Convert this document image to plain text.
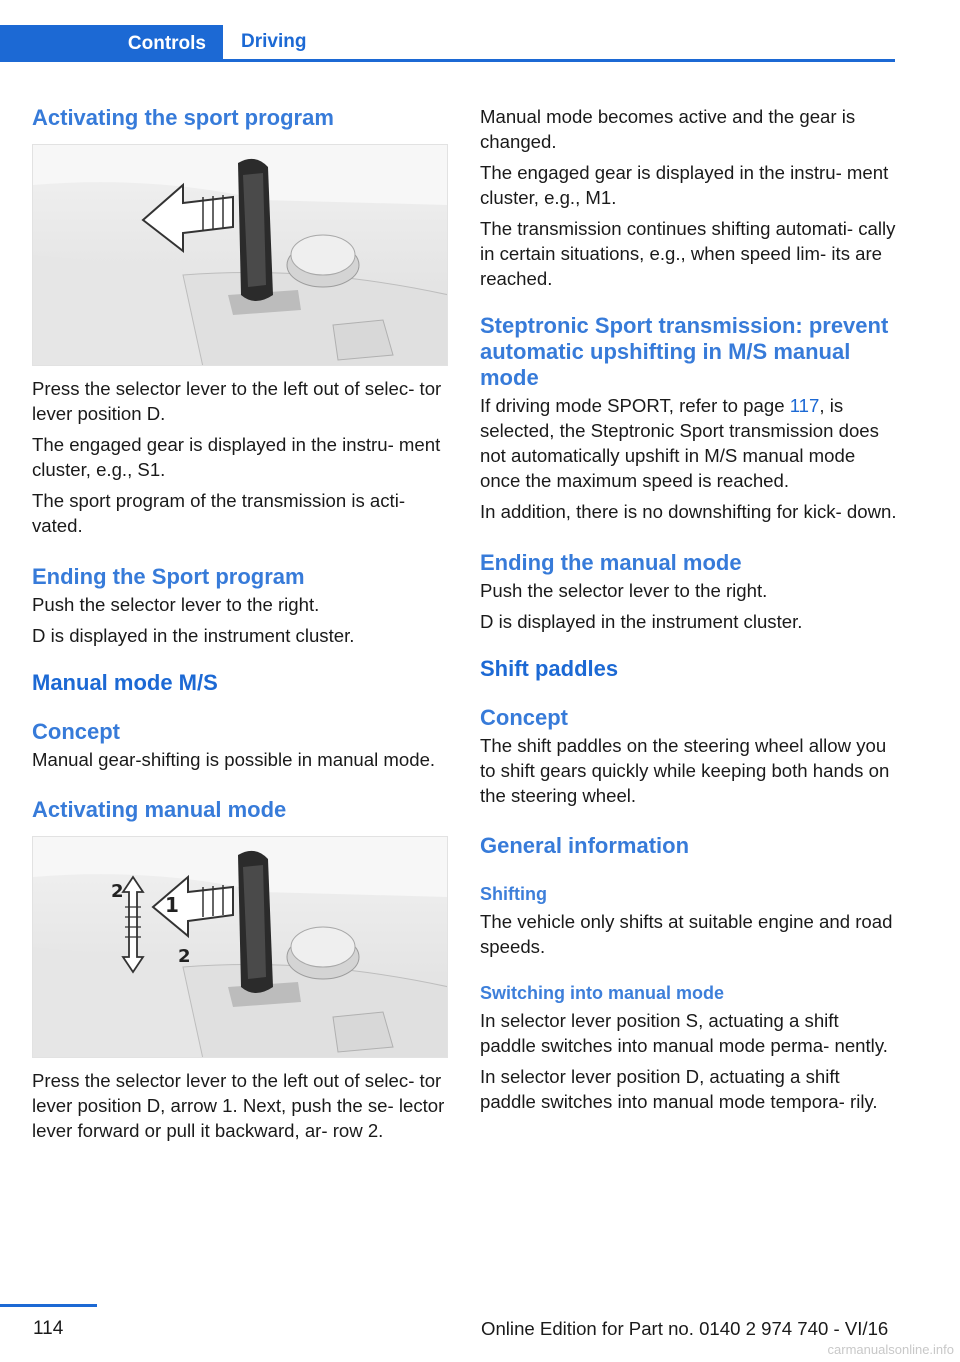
Controls Driving
Activating the sport program

Press the selector lever to the left out of selec‐ tor lever position D.

The engaged gear is displayed in the instru‐ ment cluster, e.g., S1.

The sport program of the transmission is acti‐ vated.

Ending the Sport program

Push the selector lever to the right.

D is displayed in the instrument cluster.

Manual mode M/S
Concept

Manual gear-shifting is possible in manual mode.

Activating manual mode
1
2
2

Press the selector lever to the left out of selec‐ tor lever position D, arrow 1. Next, push the se‐ lector lever forward or pull it backward, ar‐ row 2.

Manual mode becomes active and the gear is changed.

The engaged gear is displayed in the instru‐ ment cluster, e.g., M1.

The transmission continues shifting automati‐ cally in certain situations, e.g., when speed lim‐ its are reached.

Steptronic Sport transmission: prevent automatic upshifting in M/S manual mode

If driving mode SPORT, refer to page 117, is selected, the Steptronic Sport transmission does not automatically upshift in M/S manual mode once the maximum speed is reached.

In addition, there is no downshifting for kick‐ down.

Ending the manual mode

Push the selector lever to the right.

D is displayed in the instrument cluster.

Shift paddles
Concept

The shift paddles on the steering wheel allow you to shift gears quickly while keeping both hands on the steering wheel.

General information
Shifting

The vehicle only shifts at suitable engine and road speeds.

Switching into manual mode

In selector lever position S, actuating a shift paddle switches into manual mode perma‐ nently.

In selector lever position D, actuating a shift paddle switches into manual mode tempora‐ rily.

114	Online Edition for Part no. 0140 2 974 740 - VI/16
carmanualsonline.info
